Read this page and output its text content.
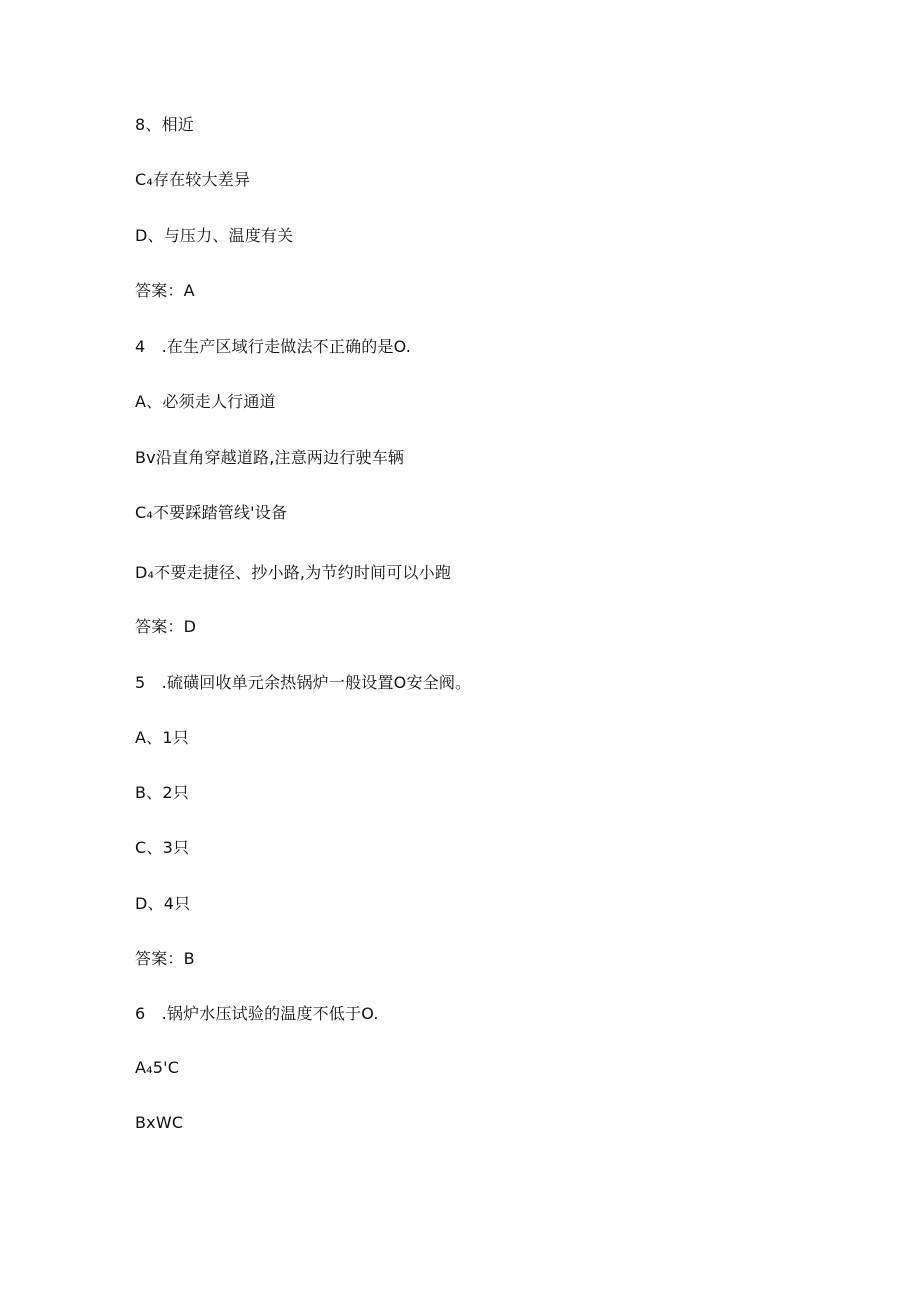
8、相近
C₄存在较大差异
D、与压力、温度有关
答案：A
4　.在生产区域行走做法不正确的是O.
A、必须走人行通道
Bv沿直角穿越道路,注意两边行驶车辆
C₄不要踩踏管线'设备
D₄不要走捷径、抄小路,为节约时间可以小跑
答案：D
5　.硫磺回收单元余热锅炉一般设置O安全阀。
A、1只
B、2只
C、3只
D、4只
答案：B
6　.锅炉水压试验的温度不低于O.
A₄5'C
BxWC
